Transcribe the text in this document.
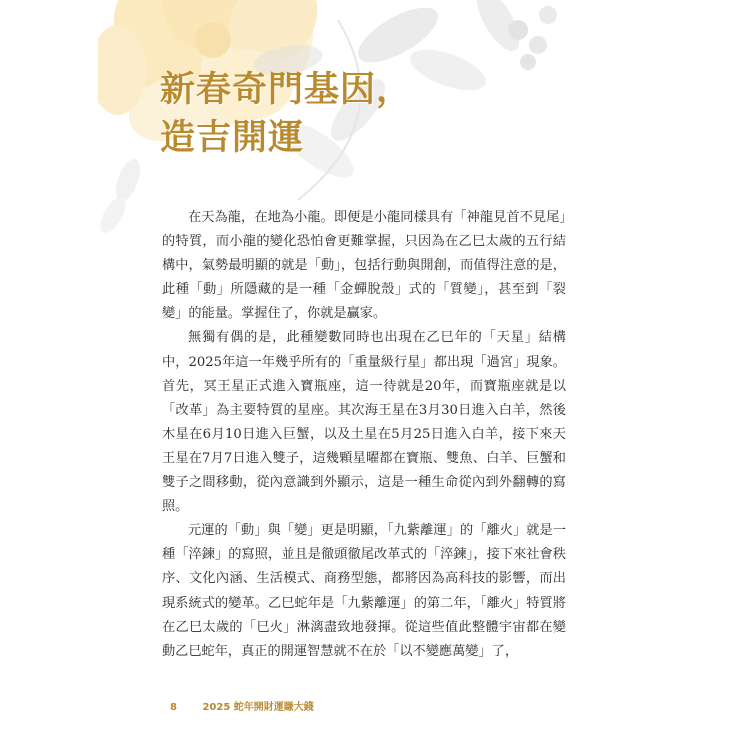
新春奇門基因，
造吉開運

在天為龍，在地為小龍。即便是小龍同樣具有「神龍見首不見尾」的特質，而小龍的變化恐怕會更難掌握，只因為在乙巳太歲的五行結構中，氣勢最明顯的就是「動」，包括行動與開創，而值得注意的是，此種「動」所隱藏的是一種「金蟬脫殼」式的「質變」，甚至到「裂變」的能量。掌握住了，你就是贏家。

無獨有偶的是，此種變數同時也出現在乙巳年的「天星」結構中，2025年這一年幾乎所有的「重量級行星」都出現「過宮」現象。首先，冥王星正式進入寶瓶座，這一待就是20年，而寶瓶座就是以「改革」為主要特質的星座。其次海王星在3月30日進入白羊，然後木星在6月10日進入巨蟹，以及土星在5月25日進入白羊，接下來天王星在7月7日進入雙子，這幾顆星曜都在寶瓶、雙魚、白羊、巨蟹和雙子之間移動，從內意識到外顯示，這是一種生命從內到外翻轉的寫照。

元運的「動」與「變」更是明顯，「九紫離運」的「離火」就是一種「淬鍊」的寫照，並且是徹頭徹尾改革式的「淬鍊」，接下來社會秩序、文化內涵、生活模式、商務型態，都將因為高科技的影響，而出現系統式的變革。乙巳蛇年是「九紫離運」的第二年，「離火」特質將在乙巳太歲的「巳火」淋漓盡致地發揮。從這些值此整體宇宙都在變動乙巳蛇年，真正的開運智慧就不在於「以不變應萬變」了，

8	2025 蛇年開財運賺大錢
